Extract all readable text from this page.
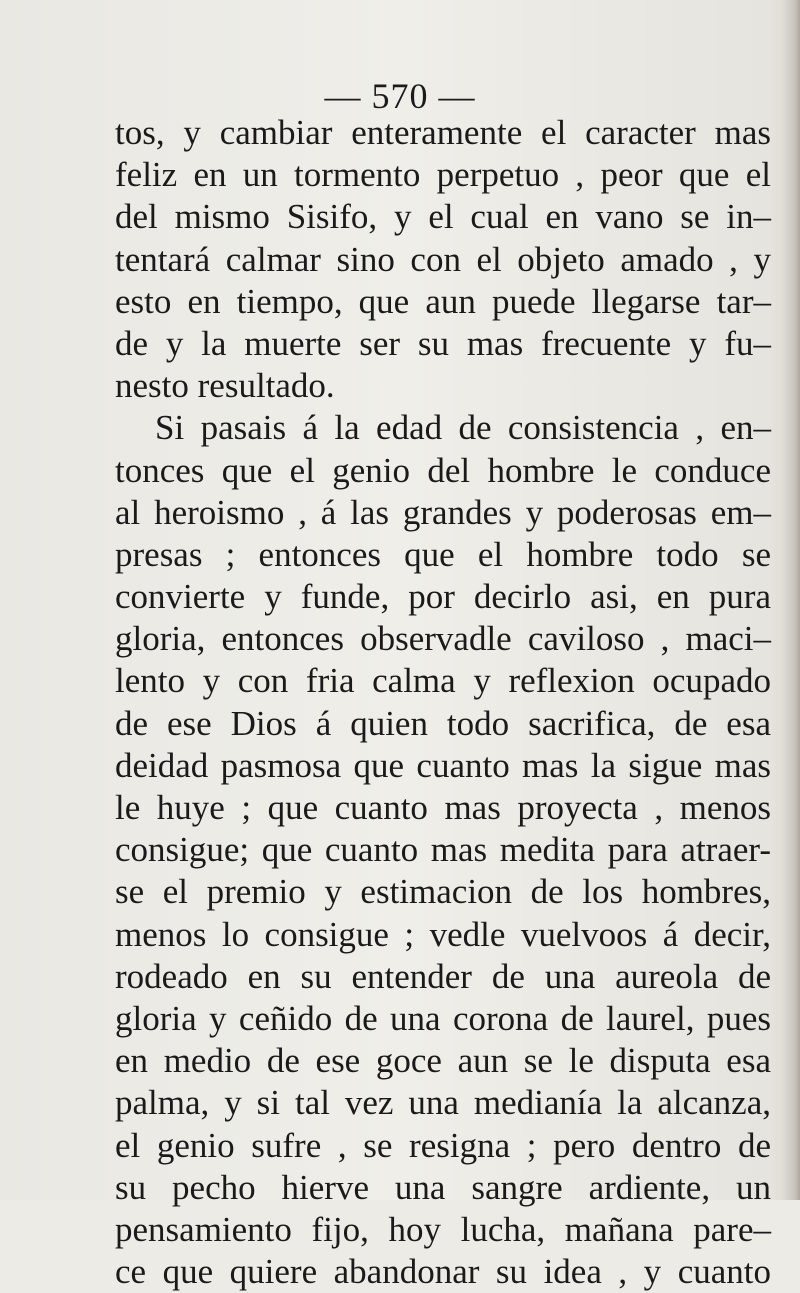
— 570 —
tos, y cambiar enteramente el caracter mas
feliz en un tormento perpetuo , peor que el
del mismo Sisifo, y el cual en vano se in–
tentará calmar sino con el objeto amado , y
esto en tiempo, que aun puede llegarse tar–
de y la muerte ser su mas frecuente y fu–
nesto resultado.
Si pasais á la edad de consistencia , en–
tonces que el genio del hombre le conduce
al heroismo , á las grandes y poderosas em–
presas ; entonces que el hombre todo se
convierte y funde, por decirlo asi, en pura
gloria, entonces observadle caviloso , maci–
lento y con fria calma y reflexion ocupado
de ese Dios á quien todo sacrifica, de esa
deidad pasmosa que cuanto mas la sigue mas
le huye ; que cuanto mas proyecta , menos
consigue; que cuanto mas medita para atraer-
se el premio y estimacion de los hombres,
menos lo consigue ; vedle vuelvoos á decir,
rodeado en su entender de una aureola de
gloria y ceñido de una corona de laurel, pues
en medio de ese goce aun se le disputa esa
palma, y si tal vez una medianía la alcanza,
el genio sufre , se resigna ; pero dentro de
su pecho hierve una sangre ardiente, un
pensamiento fijo, hoy lucha, mañana pare–
ce que quiere abandonar su idea , y cuanto
